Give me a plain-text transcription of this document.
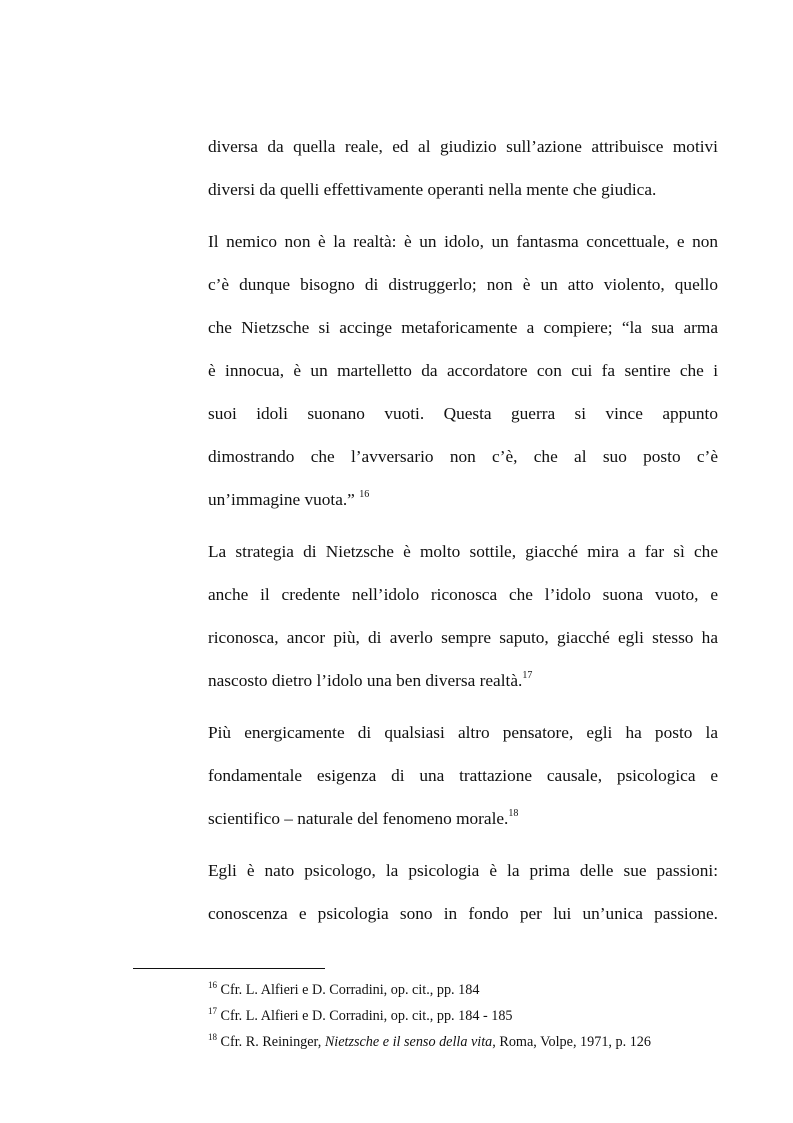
diversa da quella reale, ed al giudizio sull’azione attribuisce motivi
diversi da quelli effettivamente operanti nella mente che giudica.
Il nemico non è la realtà: è un idolo, un fantasma concettuale, e non
c’è dunque bisogno di distruggerlo; non è un atto violento, quello
che Nietzsche si accinge metaforicamente a compiere; “la sua arma
è innocua, è un martelletto da accordatore con cui fa sentire che i
suoi idoli suonano vuoti. Questa guerra si vince appunto
dimostrando che l’avversario non c’è, che al suo posto c’è
un’immagine vuota.” $^{16}$
La strategia di Nietzsche è molto sottile, giacché mira a far sì che
anche il credente nell’idolo riconosca che l’idolo suona vuoto, e
riconosca, ancor più, di averlo sempre saputo, giacché egli stesso ha
nascosto dietro l’idolo una ben diversa realtà.$^{17}$
Più energicamente di qualsiasi altro pensatore, egli ha posto la
fondamentale esigenza di una trattazione causale, psicologica e
scientifico – naturale del fenomeno morale.$^{18}$
Egli è nato psicologo, la psicologia è la prima delle sue passioni:
conoscenza e psicologia sono in fondo per lui un’unica passione.
$^{16}$ Cfr. L. Alfieri e D. Corradini, op. cit., pp. 184
$^{17}$ Cfr. L. Alfieri e D. Corradini, op. cit., pp. 184 - 185
$^{18}$ Cfr. R. Reininger, Nietzsche e il senso della vita, Roma, Volpe, 1971, p. 126
